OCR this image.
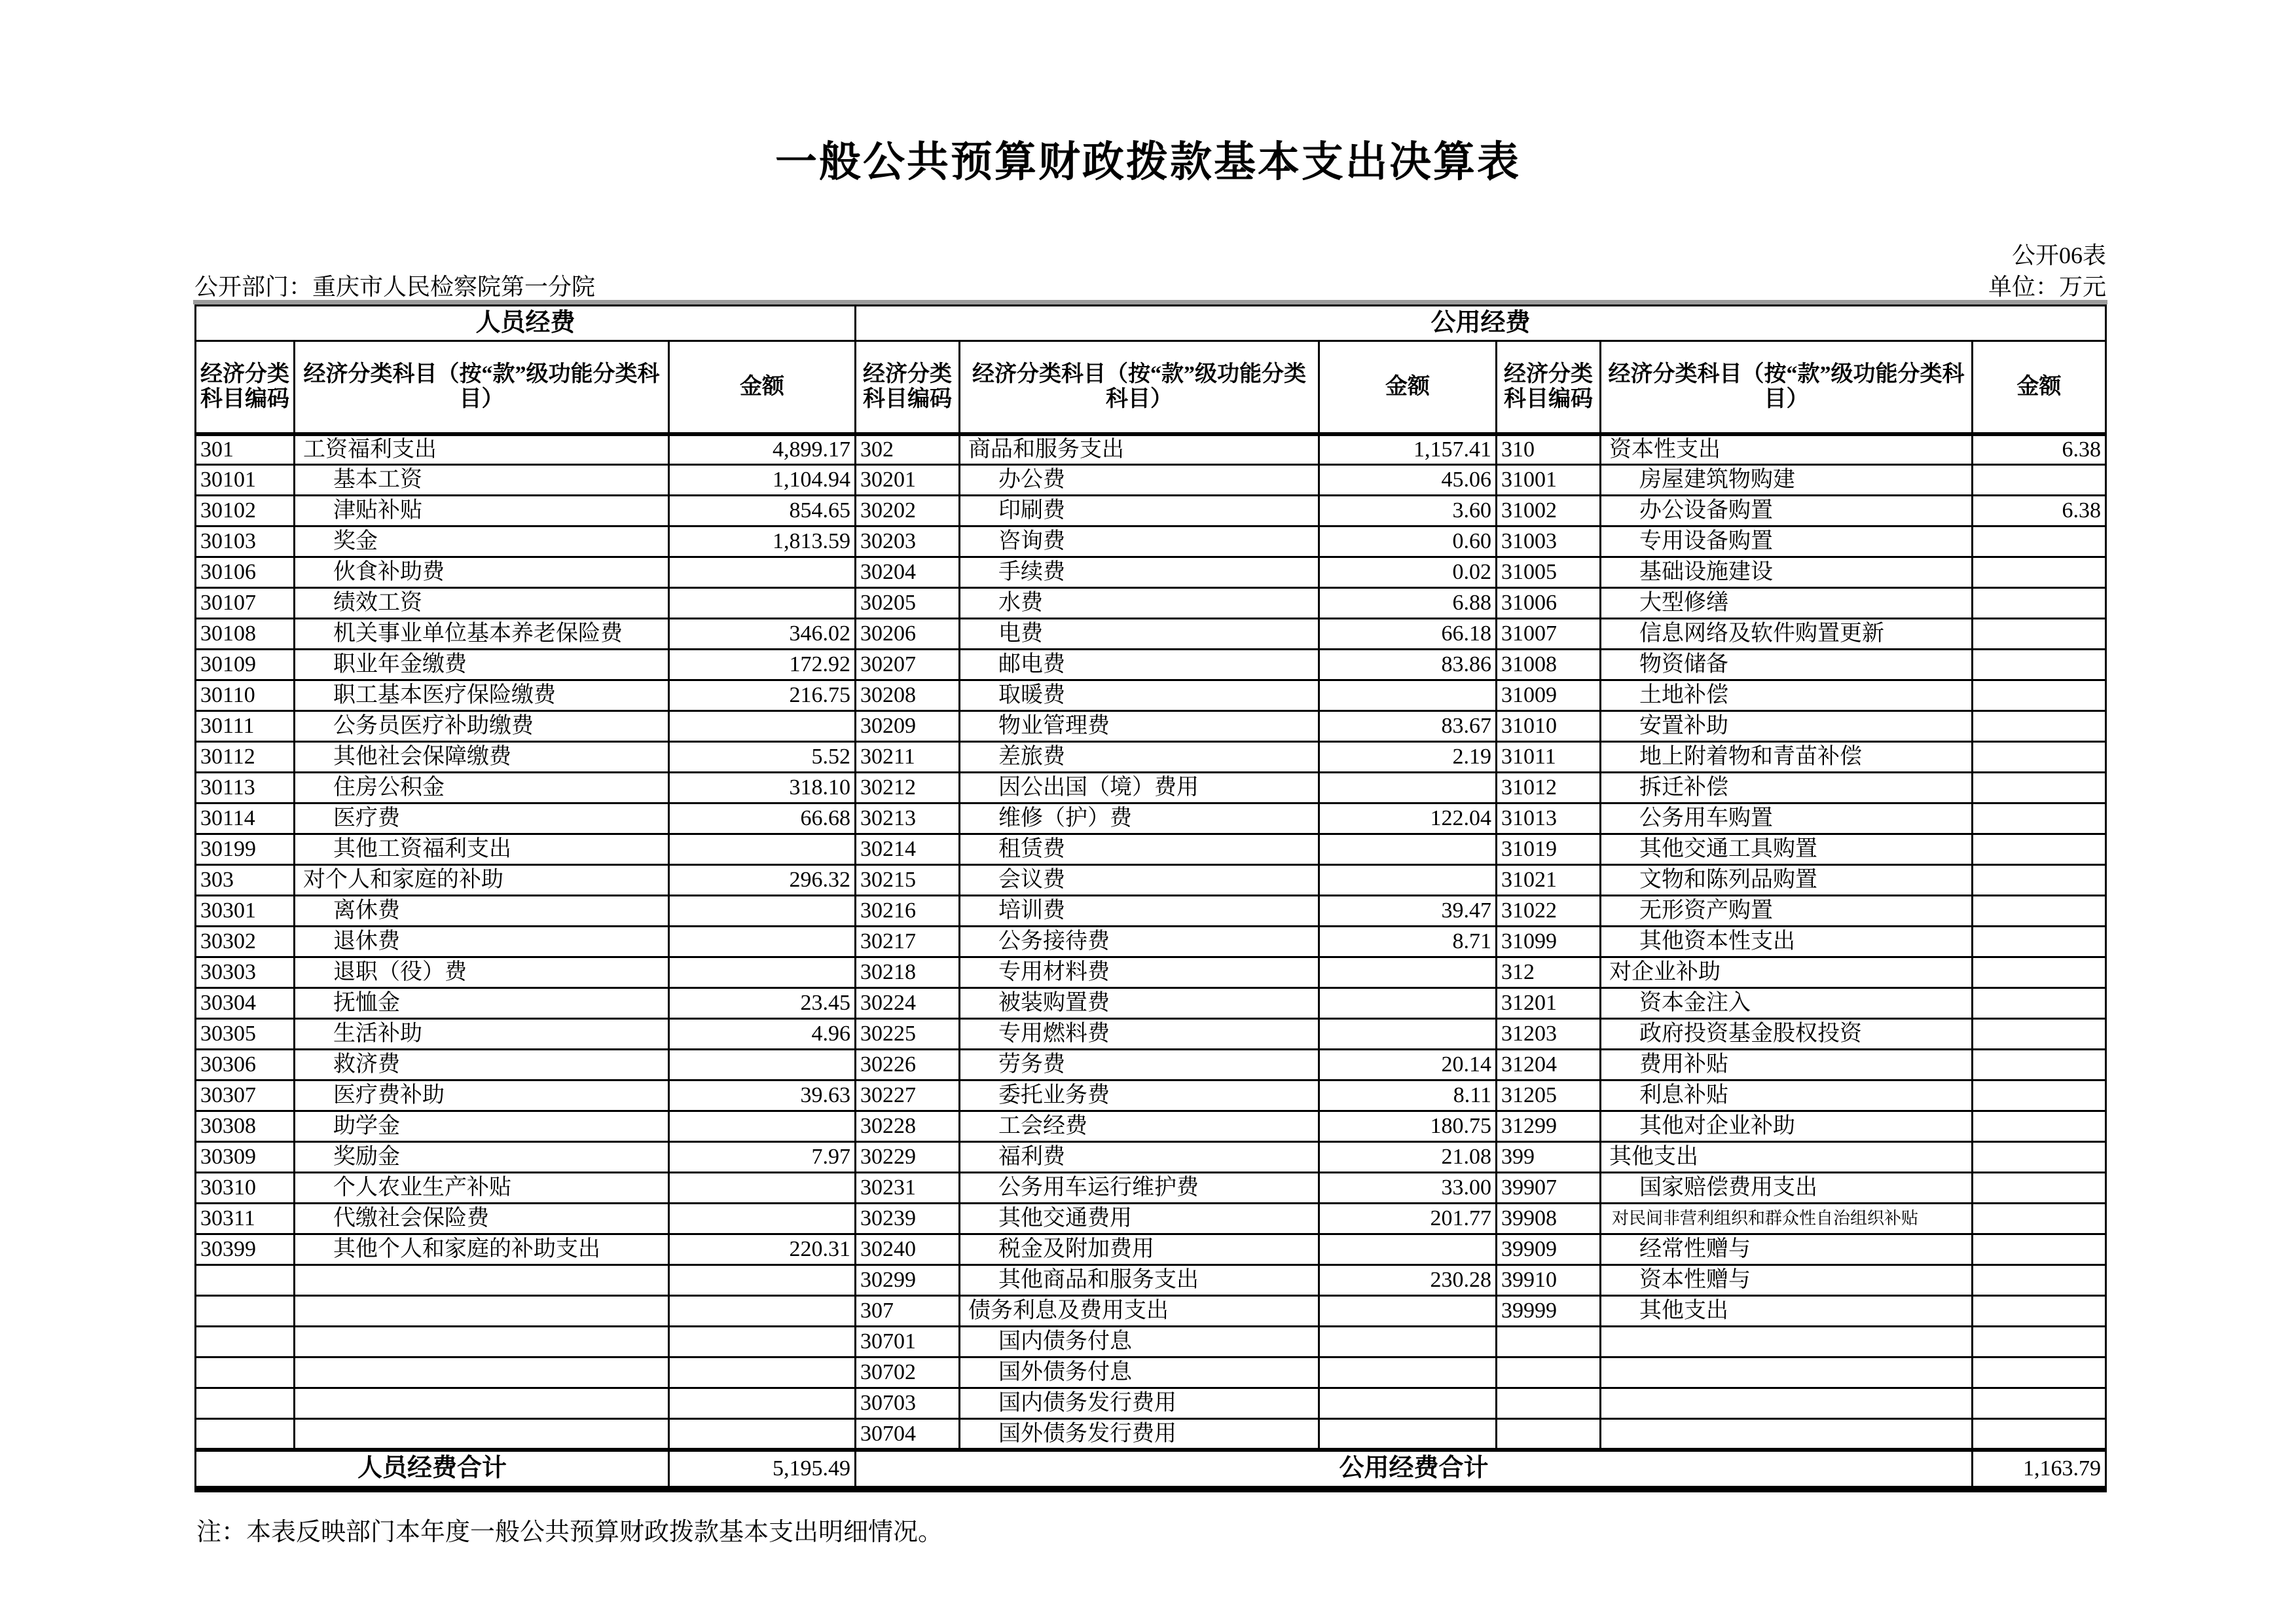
一般公共预算财政拨款基本支出决算表
公开06表
公开部门：重庆市人民检察院第一分院	单位：万元
人员经费			公用经费					
经济分类科目编码	经济分类科目（按“款”级功能分类科目）	金额	经济分类科目编码	经济分类科目（按“款”级功能分类科目）	金额	经济分类科目编码	经济分类科目（按“款”级功能分类科目）	金额
301	工资福利支出	4,899.17	302	商品和服务支出	1,157.41	310	资本性支出	6.38
30101	基本工资	1,104.94	30201	办公费	45.06	31001	房屋建筑物购建	
30102	津贴补贴	854.65	30202	印刷费	3.60	31002	办公设备购置	6.38
30103	奖金	1,813.59	30203	咨询费	0.60	31003	专用设备购置	
30106	伙食补助费		30204	手续费	0.02	31005	基础设施建设	
30107	绩效工资		30205	水费	6.88	31006	大型修缮	
30108	机关事业单位基本养老保险费	346.02	30206	电费	66.18	31007	信息网络及软件购置更新	
30109	职业年金缴费	172.92	30207	邮电费	83.86	31008	物资储备	
30110	职工基本医疗保险缴费	216.75	30208	取暖费		31009	土地补偿	
30111	公务员医疗补助缴费		30209	物业管理费	83.67	31010	安置补助	
30112	其他社会保障缴费	5.52	30211	差旅费	2.19	31011	地上附着物和青苗补偿	
30113	住房公积金	318.10	30212	因公出国（境）费用		31012	拆迁补偿	
30114	医疗费	66.68	30213	维修（护）费	122.04	31013	公务用车购置	
30199	其他工资福利支出		30214	租赁费		31019	其他交通工具购置	
303	对个人和家庭的补助	296.32	30215	会议费		31021	文物和陈列品购置	
30301	离休费		30216	培训费	39.47	31022	无形资产购置	
30302	退休费		30217	公务接待费	8.71	31099	其他资本性支出	
30303	退职（役）费		30218	专用材料费		312	对企业补助	
30304	抚恤金	23.45	30224	被装购置费		31201	资本金注入	
30305	生活补助	4.96	30225	专用燃料费		31203	政府投资基金股权投资	
30306	救济费		30226	劳务费	20.14	31204	费用补贴	
30307	医疗费补助	39.63	30227	委托业务费	8.11	31205	利息补贴	
30308	助学金		30228	工会经费	180.75	31299	其他对企业补助	
30309	奖励金	7.97	30229	福利费	21.08	399	其他支出	
30310	个人农业生产补贴		30231	公务用车运行维护费	33.00	39907	国家赔偿费用支出	
30311	代缴社会保险费		30239	其他交通费用	201.77	39908	对民间非营利组织和群众性自治组织补贴	
30399	其他个人和家庭的补助支出	220.31	30240	税金及附加费用		39909	经常性赠与	
			30299	其他商品和服务支出	230.28	39910	资本性赠与	
			307	债务利息及费用支出		39999	其他支出	
			30701	国内债务付息				
			30702	国外债务付息				
			30703	国内债务发行费用				
			30704	国外债务发行费用				
人员经费合计		5,195.49	公用经费合计					1,163.79
注：本表反映部门本年度一般公共预算财政拨款基本支出明细情况。
